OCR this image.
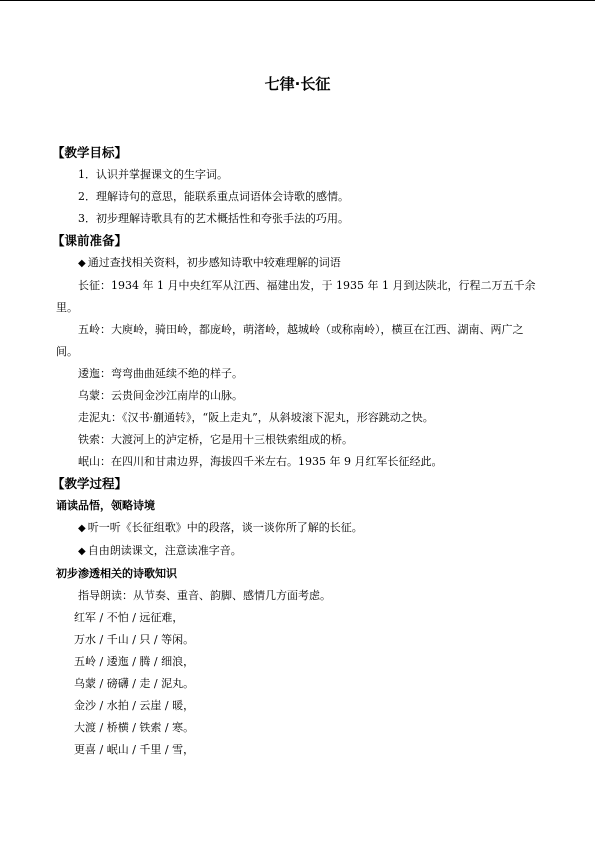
七律·长征
【教学目标】

1．认识并掌握课文的生字词。

2．理解诗句的意思，能联系重点词语体会诗歌的感情。

3．初步理解诗歌具有的艺术概括性和夸张手法的巧用。

【课前准备】

◆ 通过查找相关资料，初步感知诗歌中较难理解的词语

长征：1934 年 1 月中央红军从江西、福建出发，于 1935 年 1 月到达陕北，行程二万五千余里。

五岭：大庾岭，骑田岭，都庞岭，萌渚岭，越城岭（或称南岭），横亘在江西、湖南、两广之间。

逶迤：弯弯曲曲延续不绝的样子。

乌蒙：云贵间金沙江南岸的山脉。

走泥丸：《汉书·蒯通转》，“阪上走丸”，从斜坡滚下泥丸，形容跳动之快。

铁索：大渡河上的泸定桥，它是用十三根铁索组成的桥。

岷山：在四川和甘肃边界，海拔四千米左右。1935 年 9 月红军长征经此。

【教学过程】
诵读品悟，领略诗境

◆ 听一听《长征组歌》中的段落，谈一谈你所了解的长征。

◆ 自由朗读课文，注意读准字音。

初步渗透相关的诗歌知识

指导朗读：从节奏、重音、韵脚、感情几方面考虑。

红军 / 不怕 / 远征难，

万水 / 千山 / 只 / 等闲。

五岭 / 逶迤 / 腾 / 细浪，

乌蒙 / 磅礴 / 走 / 泥丸。

金沙 / 水拍 / 云崖 / 暖，

大渡 / 桥横 / 铁索 / 寒。

更喜 / 岷山 / 千里 / 雪，
